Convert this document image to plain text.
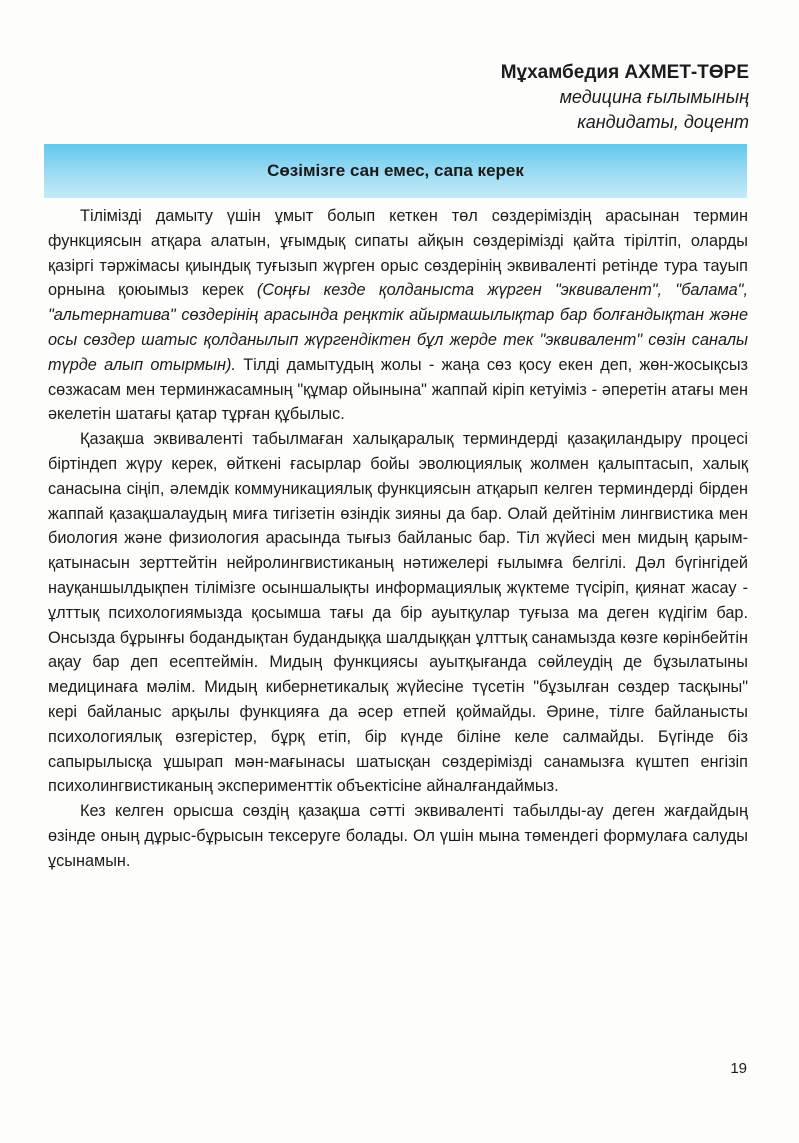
Мұхамбедия АХМЕТ-ТӨРЕ
медицина ғылымының
кандидаты, доцент
Сөзімізге сан емес, сапа керек

Тілімізді дамыту үшін ұмыт болып кеткен төл сөздеріміздің арасынан термин функциясын атқара алатын, ұғымдық сипаты айқын сөздерімізді қайта тірілтіп, оларды қазіргі тәржімасы қиындық туғызып жүрген орыс сөздерінің эквиваленті ретінде тура тауып орнына қоюымыз керек (Соңғы кезде қолданыста жүрген "эквивалент", "балама", "альтернатива" сөздерінің арасында реңктік айырмашылықтар бар болғандықтан және осы сөздер шатыс қолданылып жүргендіктен бұл жерде тек "эквивалент" сөзін саналы түрде алып отырмын). Тілді дамытудың жолы - жаңа сөз қосу екен деп, жөн-жосықсыз сөзжасам мен терминжасамның "құмар ойынына" жаппай кіріп кетуіміз - әперетін атағы мен әкелетін шатағы қатар тұрған құбылыс.

Қазақша эквиваленті табылмаған халықаралық терминдерді қазақиландыру процесі біртіндеп жүру керек, өйткені ғасырлар бойы эволюциялық жолмен қалыптасып, халық санасына сіңіп, әлемдік коммуникациялық функциясын атқарып келген терминдерді бірден жаппай қазақшалаудың миға тигізетін өзіндік зияны да бар. Олай дейтінім лингвистика мен биология және физиология арасында тығыз байланыс бар. Тіл жүйесі мен мидың қарым-қатынасын зерттейтін нейролингвистиканың нәтижелері ғылымға белгілі. Дәл бүгінгідей науқаншылдықпен тілімізге осыншалықты информациялық жүктеме түсіріп, қиянат жасау - ұлттық психологиямызда қосымша тағы да бір ауытқулар туғыза ма деген күдігім бар. Онсызда бұрынғы бодандықтан будандыққа шалдыққан ұлттық санамызда көзге көрінбейтін ақау бар деп есептеймін. Мидың функциясы ауытқығанда сөйлеудің де бұзылатыны медицинаға мәлім. Мидың кибернетикалық жүйесіне түсетін "бұзылған сөздер тасқыны" кері байланыс арқылы функцияға да әсер етпей қоймайды. Әрине, тілге байланысты психологиялық өзгерістер, бұрқ етіп, бір күнде біліне келе салмайды. Бүгінде біз сапырылысқа ұшырап мән-мағынасы шатысқан сөздерімізді санамызға күштеп енгізіп психолингвистиканың эксперименттік объектісіне айналғандаймыз.

Кез келген орысша сөздің қазақша сәтті эквиваленті табылды-ау деген жағдайдың өзінде оның дұрыс-бұрысын тексеруге болады. Ол үшін мына төмендегі формулаға салуды ұсынамын.

19
